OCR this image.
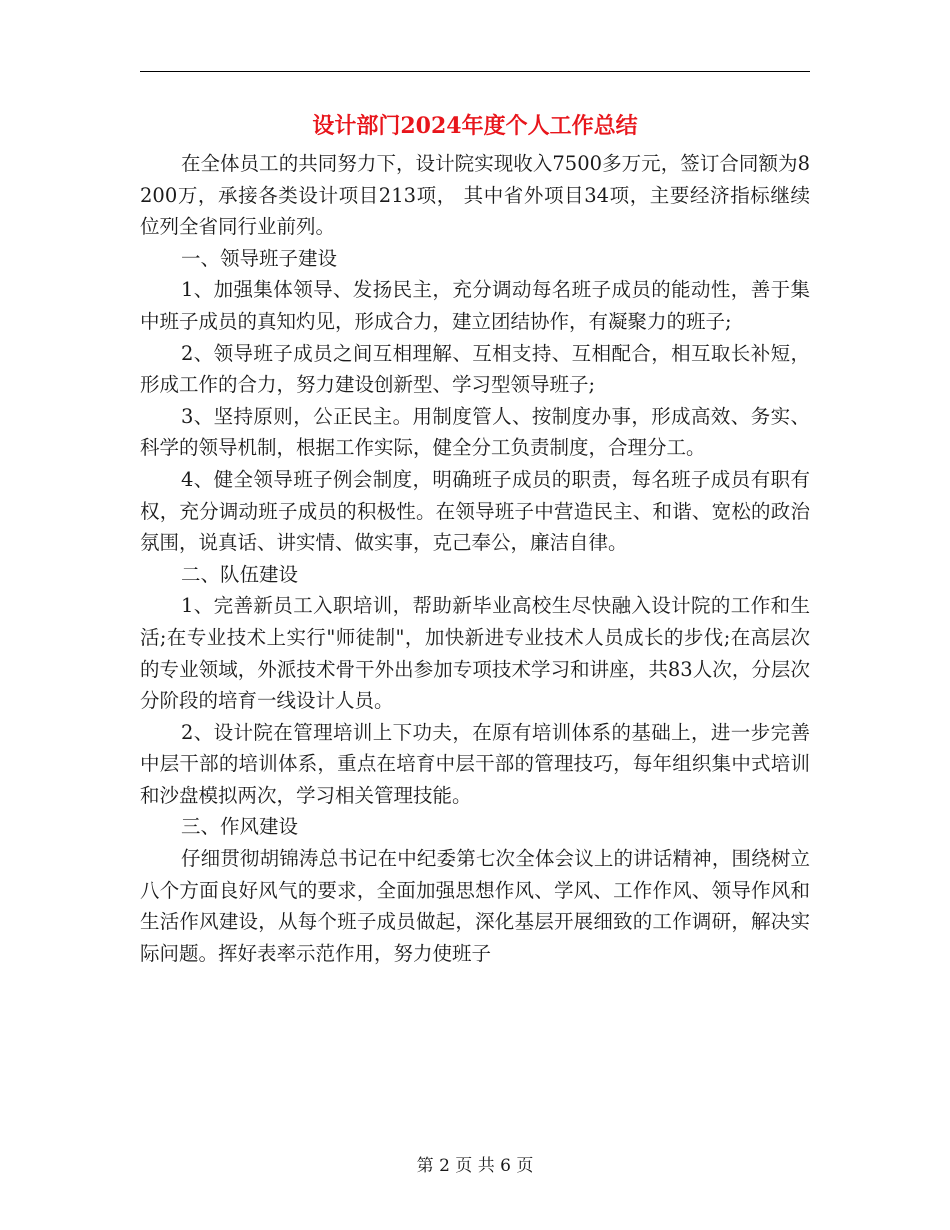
设计部门2024年度个人工作总结

在全体员工的共同努力下，设计院实现收入7500多万元，签订合同额为8200万，承接各类设计项目213项， 其中省外项目34项，主要经济指标继续位列全省同行业前列。

一、领导班子建设

1、加强集体领导、发扬民主，充分调动每名班子成员的能动性，善于集中班子成员的真知灼见，形成合力，建立团结协作，有凝聚力的班子;

2、领导班子成员之间互相理解、互相支持、互相配合，相互取长补短，形成工作的合力，努力建设创新型、学习型领导班子;

3、坚持原则，公正民主。用制度管人、按制度办事，形成高效、务实、科学的领导机制，根据工作实际，健全分工负责制度，合理分工。

4、健全领导班子例会制度，明确班子成员的职责，每名班子成员有职有权，充分调动班子成员的积极性。在领导班子中营造民主、和谐、宽松的政治氛围，说真话、讲实情、做实事，克己奉公，廉洁自律。

二、队伍建设

1、完善新员工入职培训，帮助新毕业高校生尽快融入设计院的工作和生活;在专业技术上实行"师徒制"，加快新进专业技术人员成长的步伐;在高层次的专业领域，外派技术骨干外出参加专项技术学习和讲座，共83人次，分层次分阶段的培育一线设计人员。

2、设计院在管理培训上下功夫，在原有培训体系的基础上，进一步完善中层干部的培训体系，重点在培育中层干部的管理技巧，每年组织集中式培训和沙盘模拟两次，学习相关管理技能。

三、作风建设

仔细贯彻胡锦涛总书记在中纪委第七次全体会议上的讲话精神，围绕树立八个方面良好风气的要求，全面加强思想作风、学风、工作作风、领导作风和生活作风建设，从每个班子成员做起，深化基层开展细致的工作调研，解决实际问题。挥好表率示范作用，努力使班子

第 2 页 共 6 页
